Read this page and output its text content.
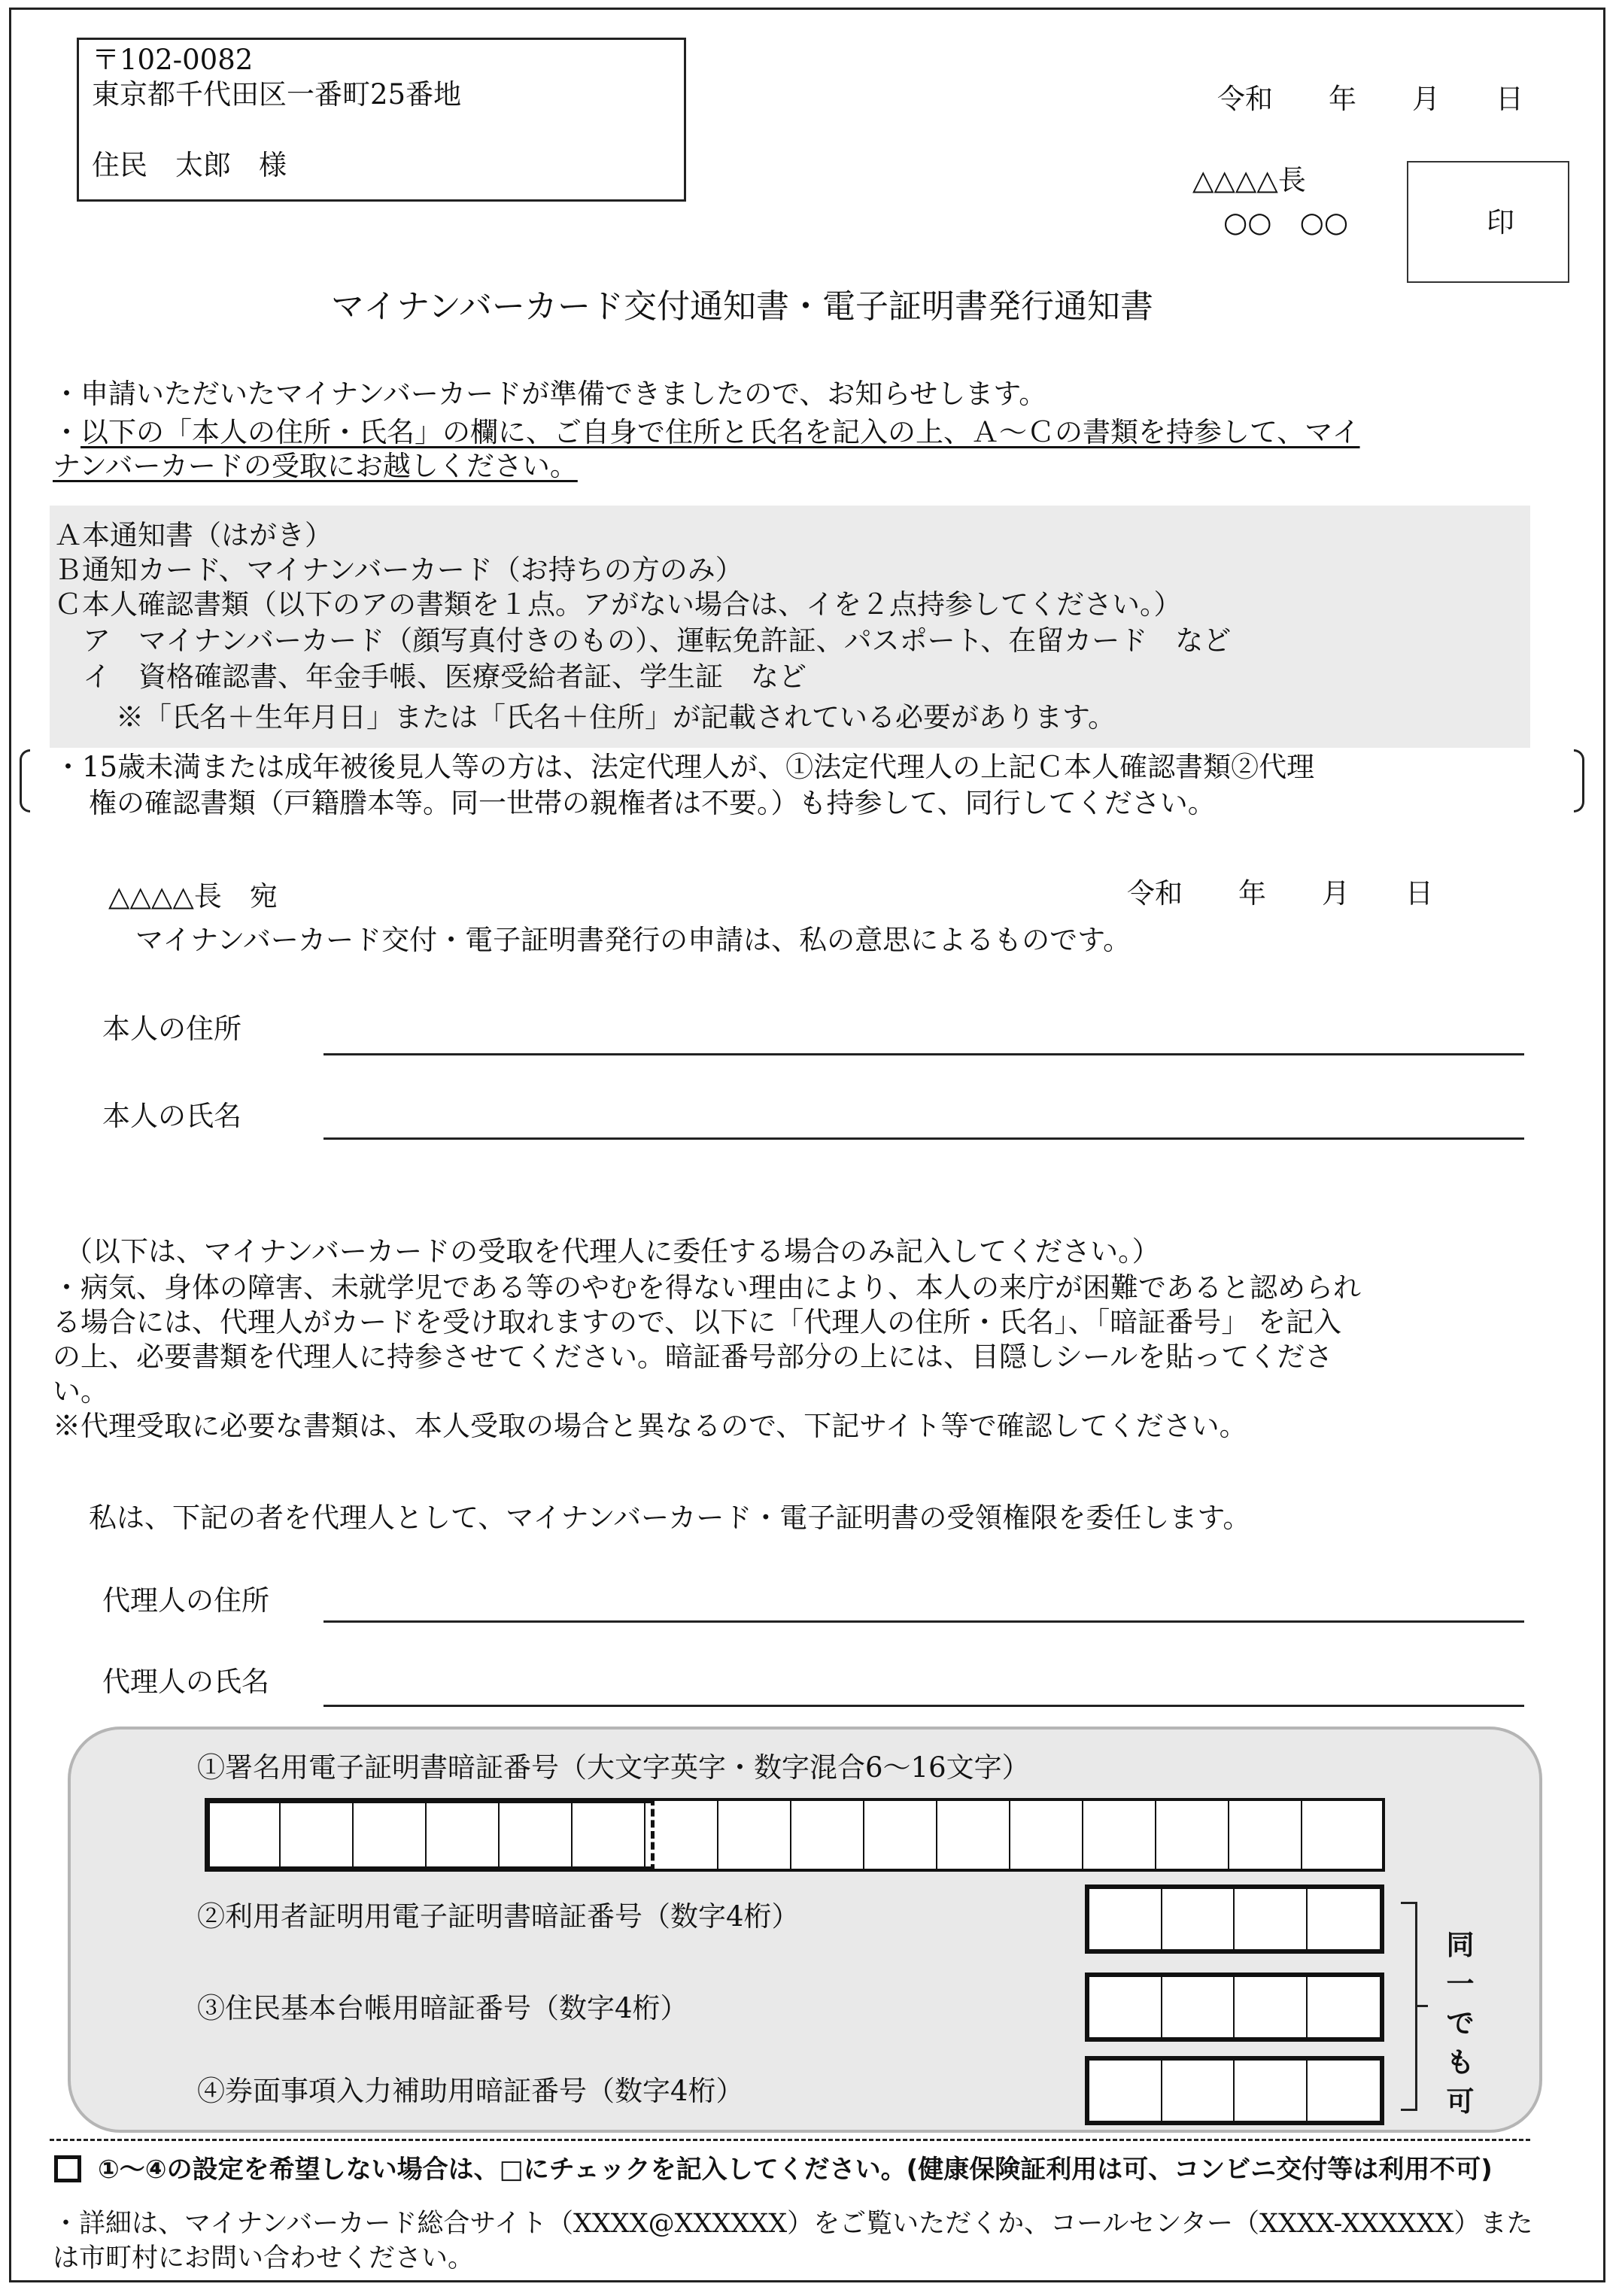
〒102-0082
東京都千代田区一番町25番地
住民　太郎　様
令和　　年　　月　　日
△△△△長
○○　○○	印
マイナンバーカード交付通知書・電子証明書発行通知書
・申請いただいたマイナンバーカードが準備できましたので、お知らせします。
・以下の「本人の住所・氏名」の欄に、ご自身で住所と氏名を記入の上、Ａ～Ｃの書類を持参して、マイ
ナンバーカードの受取にお越しください。
Ａ本通知書（はがき）
Ｂ通知カード、マイナンバーカード（お持ちの方のみ）
Ｃ本人確認書類（以下のアの書類を１点。アがない場合は、イを２点持参してください。）
ア　マイナンバーカード（顔写真付きのもの）、運転免許証、パスポート、在留カード　など
イ　資格確認書、年金手帳、医療受給者証、学生証　など
※「氏名＋生年月日」または「氏名＋住所」が記載されている必要があります。
・15歳未満または成年被後見人等の方は、法定代理人が、①法定代理人の上記Ｃ本人確認書類②代理
権の確認書類（戸籍謄本等。同一世帯の親権者は不要。）も持参して、同行してください。
△△△△長　宛	令和　　年　　月　　日
マイナンバーカード交付・電子証明書発行の申請は、私の意思によるものです。
本人の住所
本人の氏名
（以下は、マイナンバーカードの受取を代理人に委任する場合のみ記入してください。）
・病気、身体の障害、未就学児である等のやむを得ない理由により、本人の来庁が困難であると認められ
る場合には、代理人がカードを受け取れますので、以下に「代理人の住所・氏名」、「暗証番号」 を記入
の上、必要書類を代理人に持参させてください。暗証番号部分の上には、目隠しシールを貼ってくださ
い。
※代理受取に必要な書類は、本人受取の場合と異なるので、下記サイト等で確認してください。
私は、下記の者を代理人として、マイナンバーカード・電子証明書の受領権限を委任します。
代理人の住所
代理人の氏名
①署名用電子証明書暗証番号（大文字英字・数字混合6～16文字）
②利用者証明用電子証明書暗証番号（数字4桁）
③住民基本台帳用暗証番号（数字4桁）
④券面事項入力補助用暗証番号（数字4桁）
同
一
で
も
可
①～④の設定を希望しない場合は、□にチェックを記入してください。(健康保険証利用は可、コンビニ交付等は利用不可)
・詳細は、マイナンバーカード総合サイト（XXXX@XXXXXX）をご覧いただくか、コールセンター（XXXX-XXXXXX）また
は市町村にお問い合わせください。
